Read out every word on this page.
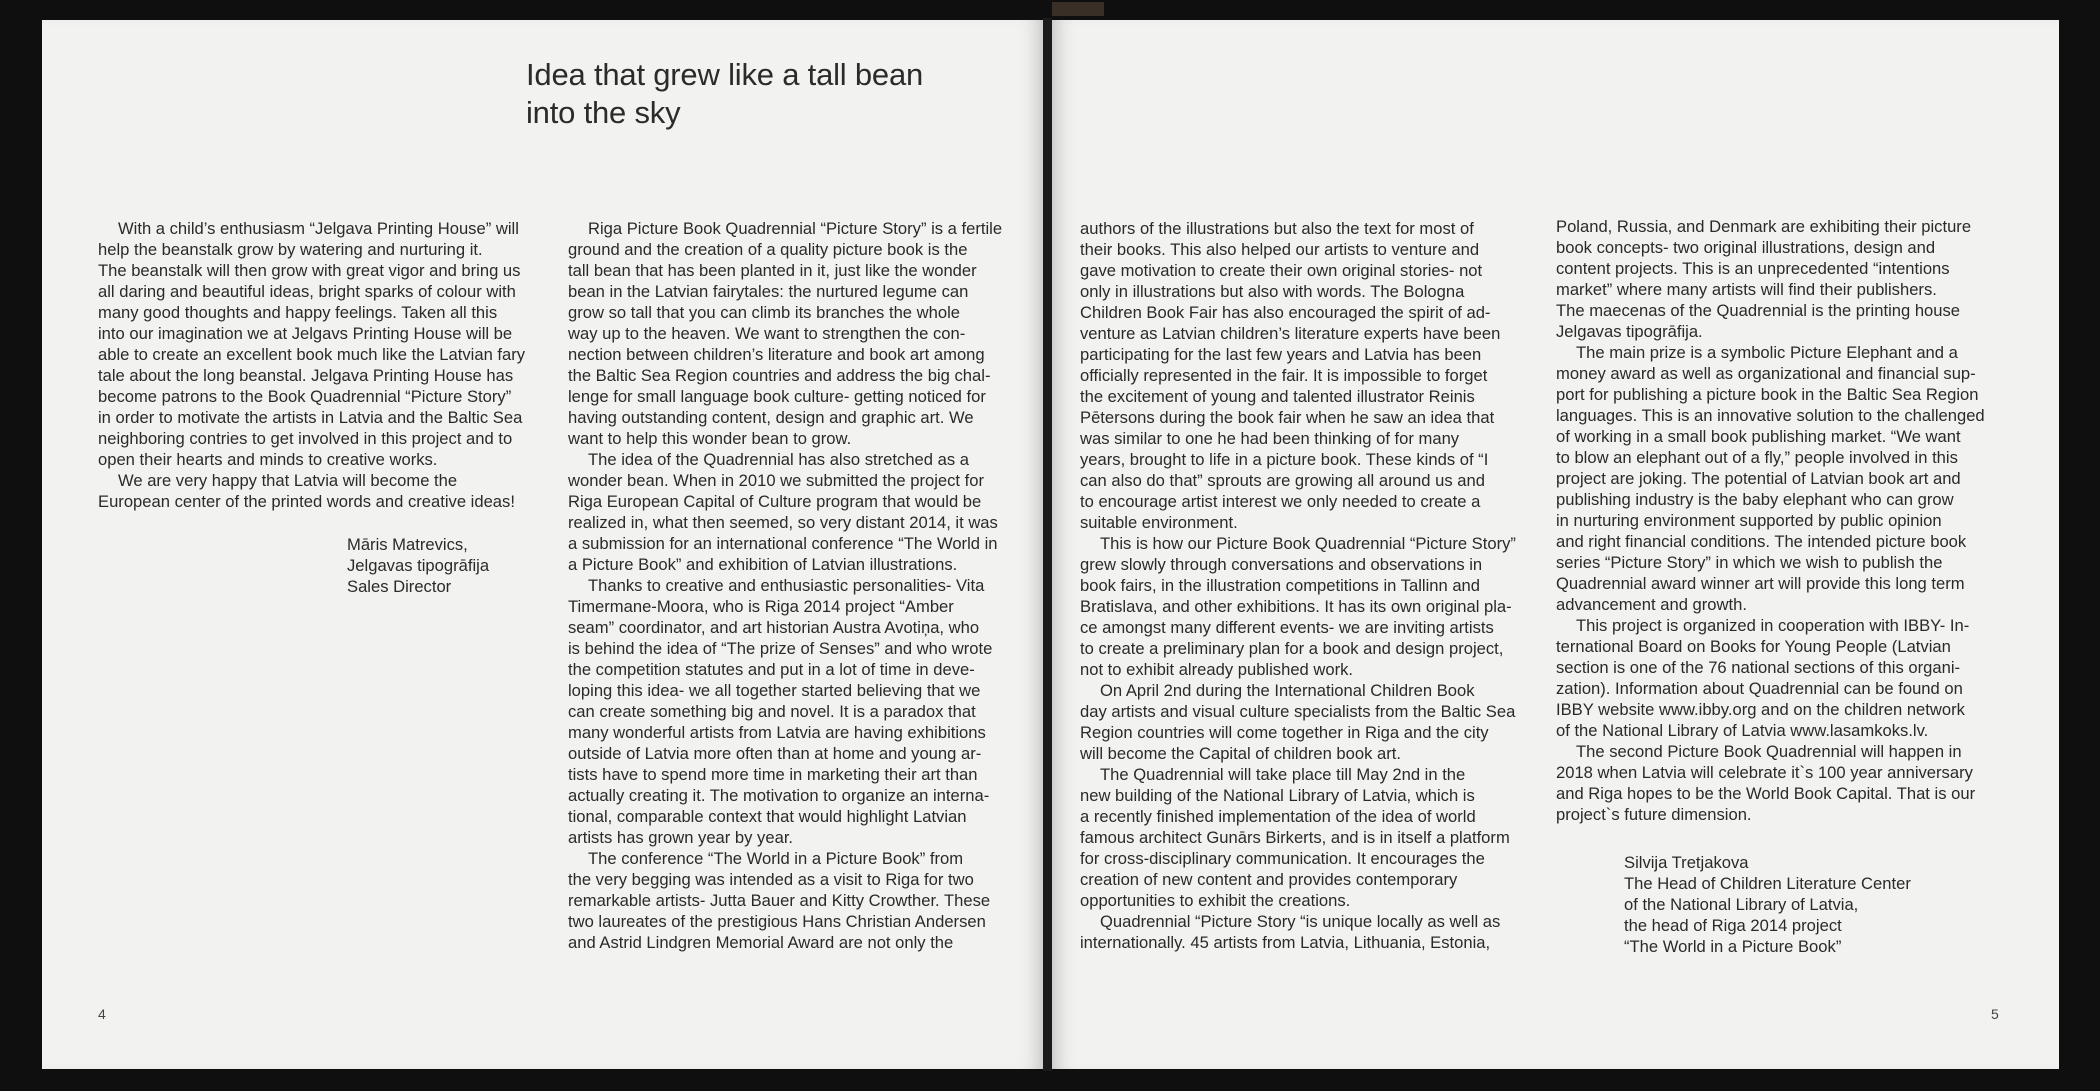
Idea that grew like a tall bean
into the sky
With a child’s enthusiasm “Jelgava Printing House” will
help the beanstalk grow by watering and nurturing it.
The beanstalk will then grow with great vigor and bring us
all daring and beautiful ideas, bright sparks of colour with
many good thoughts and happy feelings. Taken all this
into our imagination we at Jelgavs Printing House will be
able to create an excellent book much like the Latvian fary
tale about the long beanstal. Jelgava Printing House has
become patrons to the Book Quadrennial “Picture Story”
in order to motivate the artists in Latvia and the Baltic Sea
neighboring contries to get involved in this project and to
open their hearts and minds to creative works.
We are very happy that Latvia will become the
European center of the printed words and creative ideas!
Riga Picture Book Quadrennial “Picture Story” is a fertile
ground and the creation of a quality picture book is the
tall bean that has been planted in it, just like the wonder
bean in the Latvian fairytales: the nurtured legume can
grow so tall that you can climb its branches the whole
way up to the heaven. We want to strengthen the con-
nection between children’s literature and book art among
the Baltic Sea Region countries and address the big chal-
lenge for small language book culture- getting noticed for
having outstanding content, design and graphic art. We
want to help this wonder bean to grow.
The idea of the Quadrennial has also stretched as a
wonder bean. When in 2010 we submitted the project for
Riga European Capital of Culture program that would be
realized in, what then seemed, so very distant 2014, it was
a submission for an international conference “The World in
a Picture Book” and exhibition of Latvian illustrations.
Thanks to creative and enthusiastic personalities- Vita
Timermane-Moora, who is Riga 2014 project “Amber
seam” coordinator, and art historian Austra Avotiņa, who
is behind the idea of “The prize of Senses” and who wrote
the competition statutes and put in a lot of time in deve-
loping this idea- we all together started believing that we
can create something big and novel. It is a paradox that
many wonderful artists from Latvia are having exhibitions
outside of Latvia more often than at home and young ar-
tists have to spend more time in marketing their art than
actually creating it. The motivation to organize an interna-
tional, comparable context that would highlight Latvian
artists has grown year by year.
The conference “The World in a Picture Book” from
the very begging was intended as a visit to Riga for two
remarkable artists- Jutta Bauer and Kitty Crowther. These
two laureates of the prestigious Hans Christian Andersen
and Astrid Lindgren Memorial Award are not only the
authors of the illustrations but also the text for most of
their books. This also helped our artists to venture and
gave motivation to create their own original stories- not
only in illustrations but also with words. The Bologna
Children Book Fair has also encouraged the spirit of ad-
venture as Latvian children’s literature experts have been
participating for the last few years and Latvia has been
officially represented in the fair. It is impossible to forget
the excitement of young and talented illustrator Reinis
Pētersons during the book fair when he saw an idea that
was similar to one he had been thinking of for many
years, brought to life in a picture book. These kinds of “I
can also do that” sprouts are growing all around us and
to encourage artist interest we only needed to create a
suitable environment.
This is how our Picture Book Quadrennial “Picture Story”
grew slowly through conversations and observations in
book fairs, in the illustration competitions in Tallinn and
Bratislava, and other exhibitions. It has its own original pla-
ce amongst many different events- we are inviting artists
to create a preliminary plan for a book and design project,
not to exhibit already published work.
On April 2nd during the International Children Book
day artists and visual culture specialists from the Baltic Sea
Region countries will come together in Riga and the city
will become the Capital of children book art.
The Quadrennial will take place till May 2nd in the
new building of the National Library of Latvia, which is
a recently finished implementation of the idea of world
famous architect Gunārs Birkerts, and is in itself a platform
for cross-disciplinary communication. It encourages the
creation of new content and provides contemporary
opportunities to exhibit the creations.
Quadrennial “Picture Story “is unique locally as well as
internationally. 45 artists from Latvia, Lithuania, Estonia,
Poland, Russia, and Denmark are exhibiting their picture
book concepts- two original illustrations, design and
content projects. This is an unprecedented “intentions
market” where many artists will find their publishers.
The maecenas of the Quadrennial is the printing house
Jelgavas tipogrāfija.
The main prize is a symbolic Picture Elephant and a
money award as well as organizational and financial sup-
port for publishing a picture book in the Baltic Sea Region
languages. This is an innovative solution to the challenged
of working in a small book publishing market. “We want
to blow an elephant out of a fly,” people involved in this
project are joking. The potential of Latvian book art and
publishing industry is the baby elephant who can grow
in nurturing environment supported by public opinion
and right financial conditions. The intended picture book
series “Picture Story” in which we wish to publish the
Quadrennial award winner art will provide this long term
advancement and growth.
This project is organized in cooperation with IBBY- In-
ternational Board on Books for Young People (Latvian
section is one of the 76 national sections of this organi-
zation). Information about Quadrennial can be found on
IBBY website www.ibby.org and on the children network
of the National Library of Latvia www.lasamkoks.lv.
The second Picture Book Quadrennial will happen in
2018 when Latvia will celebrate it`s 100 year anniversary
and Riga hopes to be the World Book Capital. That is our
project`s future dimension.
Māris Matrevics,
Jelgavas tipogrāfija
Sales Director
Silvija Tretjakova
The Head of Children Literature Center
of the National Library of Latvia,
the head of Riga 2014 project
“The World in a Picture Book”
4	5
